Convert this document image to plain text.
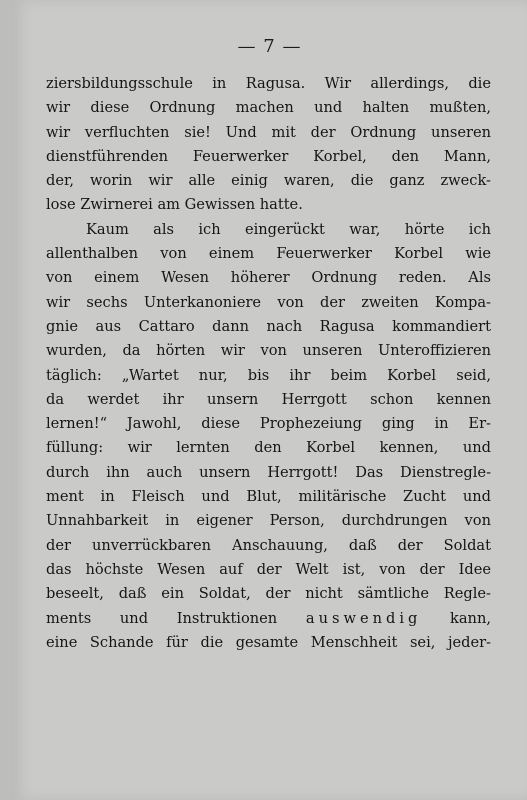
— 7 —
ziersbildungsschule in Ragusa. Wir allerdings, die
wir diese Ordnung machen und halten mußten,
wir verfluchten sie! Und mit der Ordnung unseren
dienstführenden Feuerwerker Korbel, den Mann,
der, worin wir alle einig waren, die ganz zweck-
lose Zwirnerei am Gewissen hatte.
Kaum als ich eingerückt war, hörte ich
allenthalben von einem Feuerwerker Korbel wie
von einem Wesen höherer Ordnung reden. Als
wir sechs Unterkanoniere von der zweiten Kompa-
gnie aus Cattaro dann nach Ragusa kommandiert
wurden, da hörten wir von unseren Unteroffizieren
täglich: „Wartet nur, bis ihr beim Korbel seid,
da werdet ihr unsern Herrgott schon kennen
lernen!“ Jawohl, diese Prophezeiung ging in Er-
füllung: wir lernten den Korbel kennen, und
durch ihn auch unsern Herrgott! Das Dienstregle-
ment in Fleisch und Blut, militärische Zucht und
Unnahbarkeit in eigener Person, durchdrungen von
der unverrückbaren Anschauung, daß der Soldat
das höchste Wesen auf der Welt ist, von der Idee
beseelt, daß ein Soldat, der nicht sämtliche Regle-
ments und Instruktionen auswendig kann,
eine Schande für die gesamte Menschheit sei, jeder-
